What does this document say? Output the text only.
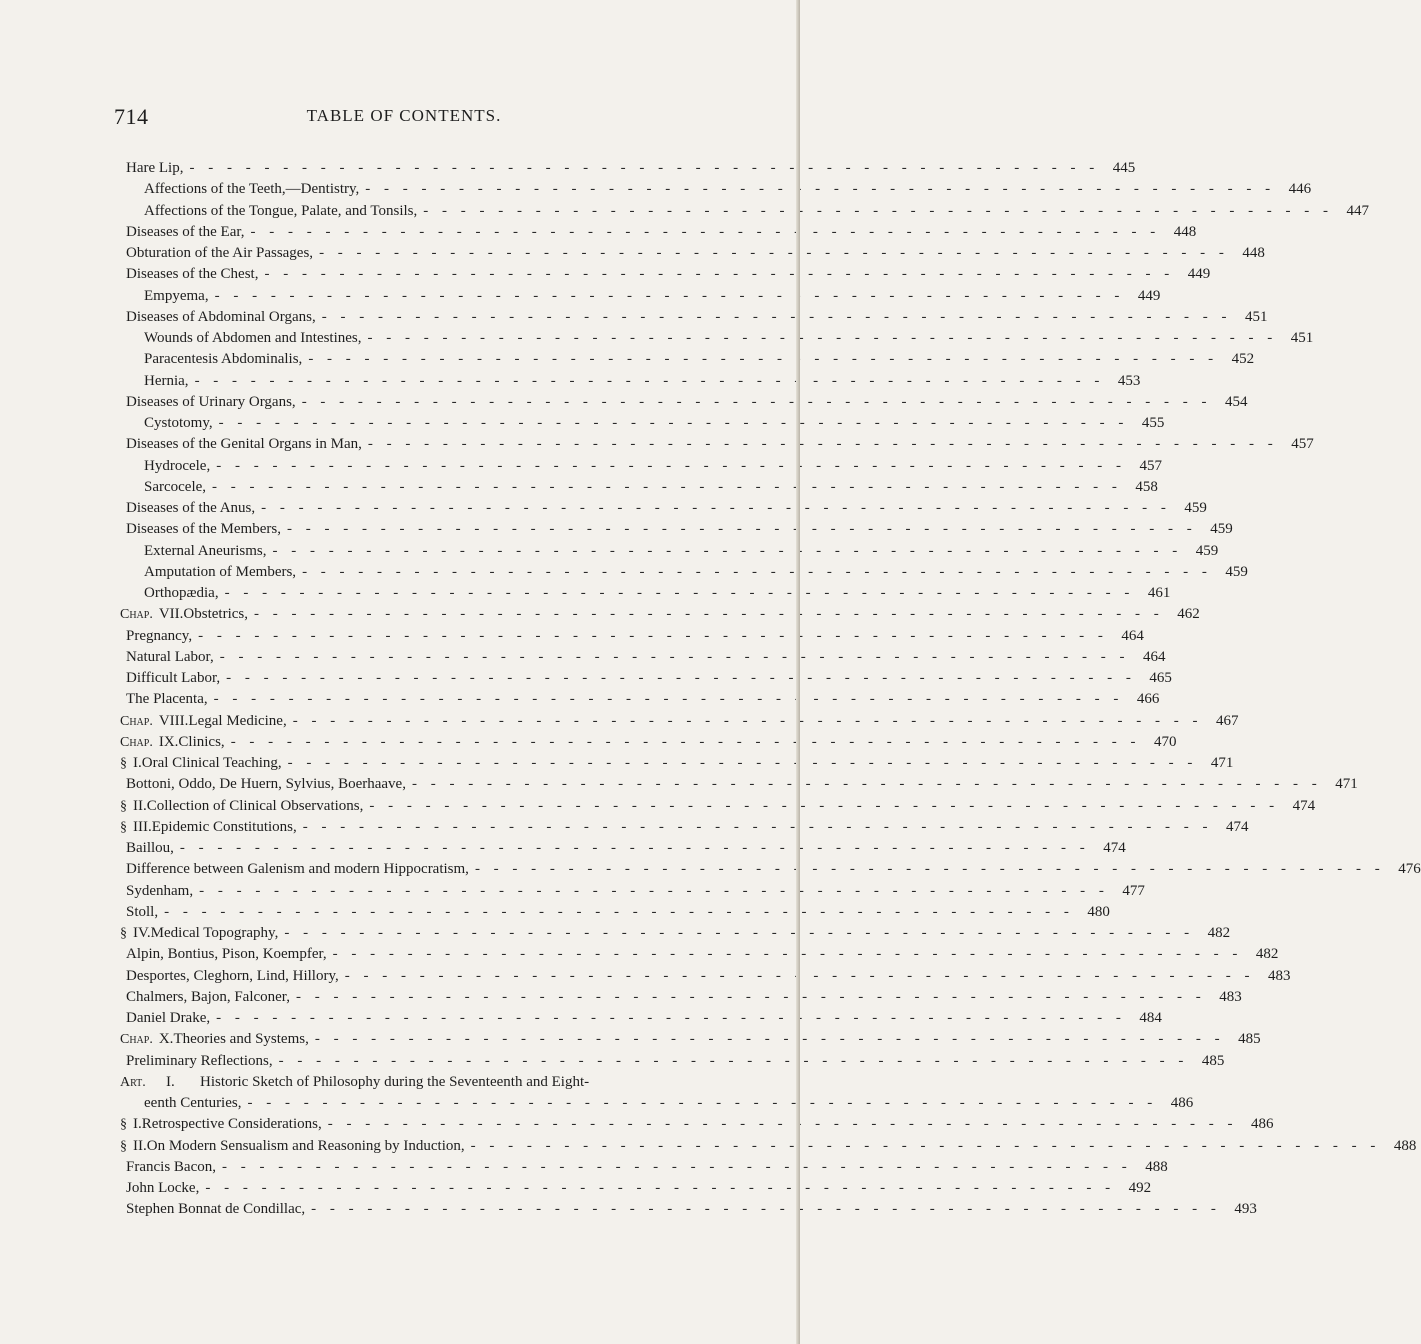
714	TABLE OF CONTENTS.
Hare Lip, - - -	445
Affections of the Teeth,—Dentistry, - - -	446
Affections of the Tongue, Palate, and Tonsils, - - -	447
Diseases of the Ear, - - -	448
Obturation of the Air Passages, - - -	448
Diseases of the Chest, - - -	449
Empyema, - - -	449
Diseases of Abdominal Organs, - - -	451
Wounds of Abdomen and Intestines, - - -	451
Paracentesis Abdominalis, - - -	452
Hernia, - - -	453
Diseases of Urinary Organs, - - -	454
Cystotomy, - - -	455
Diseases of the Genital Organs in Man, - - -	457
Hydrocele, - - -	457
Sarcocele, - - -	458
Diseases of the Anus, - - -	459
Diseases of the Members, - - -	459
External Aneurisms, - - -	459
Amputation of Members, - - -	459
Orthopædia, - - -	461
Chap. VII. Obstetrics, - - -	462
Pregnancy, - - -	464
Natural Labor, - - -	464
Difficult Labor, - - -	465
The Placenta, - - -	466
Chap. VIII. Legal Medicine, - - -	467
Chap. IX. Clinics, - - -	470
§ I. Oral Clinical Teaching, - - -	471
Bottoni, Oddo, De Huern, Sylvius, Boerhaave, - - -	471
§ II. Collection of Clinical Observations, - - -	474
§ III. Epidemic Constitutions, - - -	474
Baillou, - - -	474
Difference between Galenism and modern Hippocratism, - - -	476
Sydenham, - - -	477
Stoll, - - -	480
§ IV. Medical Topography, - - -	482
Alpin, Bontius, Pison, Koempfer, - - -	482
Desportes, Cleghorn, Lind, Hillory, - - -	483
Chalmers, Bajon, Falconer, - - -	483
Daniel Drake, - - -	484
Chap. X. Theories and Systems, - - -	485
Preliminary Reflections, - - -	485
Art.	I.	Historic Sketch of Philosophy during the Seventeenth and Eight-
eenth Centuries, - - -	486
§ I. Retrospective Considerations, - - -	486
§ II. On Modern Sensualism and Reasoning by Induction, - - -	488
Francis Bacon, - - -	488
John Locke, - - -	492
Stephen Bonnat de Condillac, - - -	493
